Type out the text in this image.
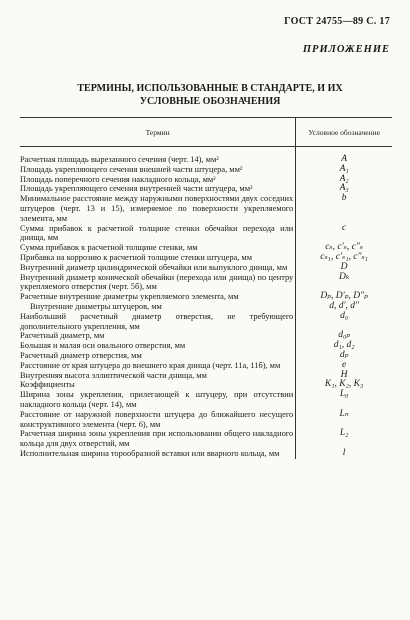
ГОСТ 24755—89 С. 17
ПРИЛОЖЕНИЕ
ТЕРМИНЫ, ИСПОЛЬЗОВАННЫЕ В СТАНДАРТЕ, И ИХ
УСЛОВНЫЕ ОБОЗНАЧЕНИЯ
Термин	Условное обозначение

Расчетная площадь вырезанного сечения (черт. 14), мм²	A
Площадь укрепляющего сечения внешней части штуцера, мм²	A₁
Площадь поперечного сечения накладного кольца, мм²	A₂
Площадь укрепляющего сечения внутренней части штуцера, мм²	A₃
Минимальное расстояние между наружными поверхностями двух соседних штуцеров (черт. 13 и 15), измеряемое по поверхности укрепляемого элемента, мм	b
Сумма прибавок к расчетной толщине стенки обечайки перехода или днища, мм	c
Сумма прибавок к расчетной толщине стенки, мм	cₛ, c′ₛ, c″ₛ
Прибавка на коррозию к расчетной толщине стенки штуцера, мм	cₛ₁, c′ₛ₁, c″ₛ₁
Внутренний диаметр цилиндрической обечайки или выпуклого днища, мм	D
Внутренний диаметр конической обечайки (перехода или днища) по центру укрепляемого отверстия (черт. 5б), мм	Dₖ
Расчетные внутренние диаметры укрепляемого элемента, мм	Dₚ, D′ₚ, D″ₚ
Внутренние диаметры штуцеров, мм	d, d′, d″
Наибольший расчетный диаметр отверстия, не требующего дополнительного укрепления, мм	d₀
Расчетный диаметр, мм	d₀ₚ
Большая и малая оси овального отверстия, мм	d₁, d₂
Расчетный диаметр отверстия, мм	dₚ
Расстояние от края штуцера до внешнего края днища (черт. 11а, 11б), мм	e
Внутренняя высота эллиптической части днища, мм	H
Коэффициенты	K₁, K₂, K₃
Ширина зоны укрепления, прилегающей к штуцеру, при отсутствии накладного кольца (черт. 14), мм	L₀
Расстояние от наружной поверхности штуцера до ближайшего несущего конструктивного элемента (черт. 6), мм	Lₙ
Расчетная ширина зоны укрепления при использовании общего накладного кольца для двух отверстий, мм	L₂
Исполнительная ширина торообразной вставки или вварного кольца, мм	l
